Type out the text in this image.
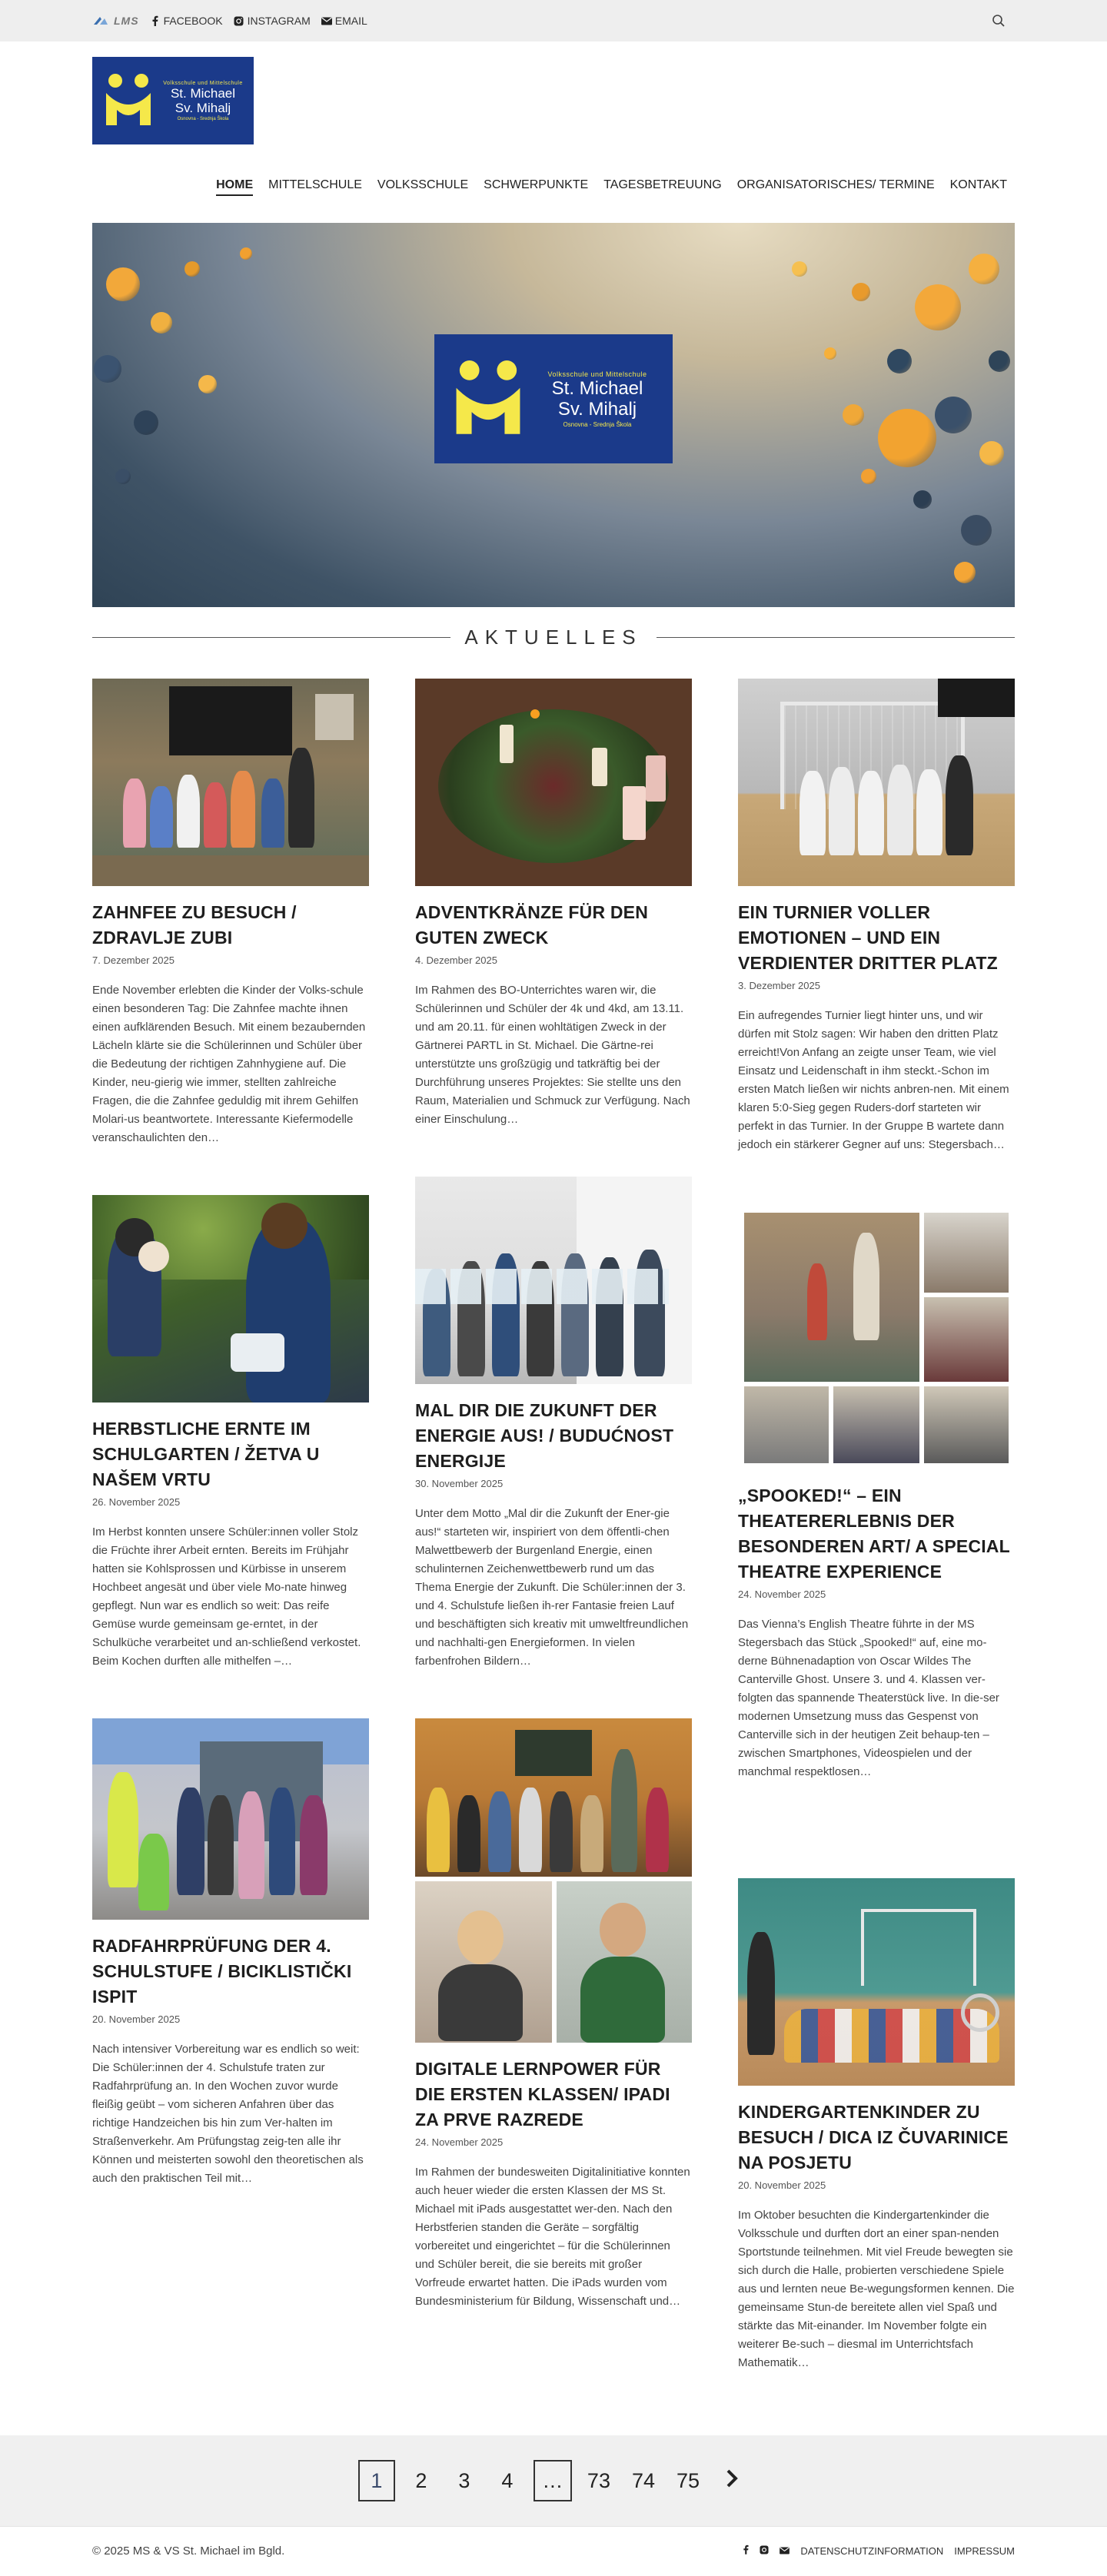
LMS FACEBOOK INSTAGRAM EMAIL
Volksschule und Mittelschule
St. Michael
Sv. Mihalj
Osnovna - Srednja Škola
HOME MITTELSCHULE VOLKSSCHULE SCHWERPUNKTE TAGESBETREUUNG ORGANISATORISCHES/ TERMINE KONTAKT
Volksschule und Mittelschule
St. Michael
Sv. Mihalj
Osnovna - Srednja Škola
AKTUELLES
ZAHNFEE ZU BESUCH / ZDRAVLJE ZUBI
7. Dezember 2025

Ende November erlebten die Kinder der Volks-schule einen besonderen Tag: Die Zahnfee machte ihnen einen aufklärenden Besuch. Mit einem bezaubernden Lächeln klärte sie die Schülerinnen und Schüler über die Bedeutung der richtigen Zahnhygiene auf. Die Kinder, neu-gierig wie immer, stellten zahlreiche Fragen, die die Zahnfee geduldig mit ihrem Gehilfen Molari-us beantwortete. Interessante Kiefermodelle veranschaulichten den…

HERBSTLICHE ERNTE IM SCHULGARTEN / ŽETVA U NAŠEM VRTU
26. November 2025

Im Herbst konnten unsere Schüler:innen voller Stolz die Früchte ihrer Arbeit ernten. Bereits im Frühjahr hatten sie Kohlsprossen und Kürbisse in unserem Hochbeet angesät und über viele Mo-nate hinweg gepflegt. Nun war es endlich so weit: Das reife Gemüse wurde gemeinsam ge-erntet, in der Schulküche verarbeitet und an-schließend verkostet. Beim Kochen durften alle mithelfen –…

RADFAHRPRÜFUNG DER 4. SCHULSTUFE / BICIKLISTIČKI ISPIT
20. November 2025

Nach intensiver Vorbereitung war es endlich so weit: Die Schüler:innen der 4. Schulstufe traten zur Radfahrprüfung an. In den Wochen zuvor wurde fleißig geübt – vom sicheren Anfahren über das richtige Handzeichen bis hin zum Ver-halten im Straßenverkehr. Am Prüfungstag zeig-ten alle ihr Können und meisterten sowohl den theoretischen als auch den praktischen Teil mit…

ADVENTKRÄNZE FÜR DEN GUTEN ZWECK
4. Dezember 2025

Im Rahmen des BO-Unterrichtes waren wir, die Schülerinnen und Schüler der 4k und 4kd, am 13.11. und am 20.11. für einen wohltätigen Zweck in der Gärtnerei PARTL in St. Michael. Die Gärtne-rei unterstützte uns großzügig und tatkräftig bei der Durchführung unseres Projektes: Sie stellte uns den Raum, Materialien und Schmuck zur Verfügung. Nach einer Einschulung…

MAL DIR DIE ZUKUNFT DER ENERGIE AUS! / BUDUĆNOST ENERGIJE
30. November 2025

Unter dem Motto „Mal dir die Zukunft der Ener-gie aus!“ starteten wir, inspiriert von dem öffentli-chen Malwettbewerb der Burgenland Energie, einen schulinternen Zeichenwettbewerb rund um das Thema Energie der Zukunft. Die Schüler:innen der 3. und 4. Schulstufe ließen ih-rer Fantasie freien Lauf und beschäftigten sich kreativ mit umweltfreundlichen und nachhalti-gen Energieformen. In vielen farbenfrohen Bildern…

DIGITALE LERNPOWER FÜR DIE ERSTEN KLASSEN/ IPADI ZA PRVE RAZREDE
24. November 2025

Im Rahmen der bundesweiten Digitalinitiative konnten auch heuer wieder die ersten Klassen der MS St. Michael mit iPads ausgestattet wer-den. Nach den Herbstferien standen die Geräte – sorgfältig vorbereitet und eingerichtet – für die Schülerinnen und Schüler bereit, die sie bereits mit großer Vorfreude erwartet hatten. Die iPads wurden vom Bundesministerium für Bildung, Wissenschaft und…

EIN TURNIER VOLLER EMOTIONEN – UND EIN VERDIENTER DRITTER PLATZ
3. Dezember 2025

Ein aufregendes Turnier liegt hinter uns, und wir dürfen mit Stolz sagen: Wir haben den dritten Platz erreicht!Von Anfang an zeigte unser Team, wie viel Einsatz und Leidenschaft in ihm steckt.-Schon im ersten Match ließen wir nichts anbren-nen. Mit einem klaren 5:0-Sieg gegen Ruders-dorf starteten wir perfekt in das Turnier. In der Gruppe B wartete dann jedoch ein stärkerer Gegner auf uns: Stegersbach…

„SPOOKED!“ – EIN THEATERERLEBNIS DER BESONDEREN ART/ A SPECIAL THEATRE EXPERIENCE
24. November 2025

Das Vienna’s English Theatre führte in der MS Stegersbach das Stück „Spooked!“ auf, eine mo-derne Bühnenadaption von Oscar Wildes The Canterville Ghost. Unsere 3. und 4. Klassen ver-folgten das spannende Theaterstück live. In die-ser modernen Umsetzung muss das Gespenst von Canterville sich in der heutigen Zeit behaup-ten – zwischen Smartphones, Videospielen und der manchmal respektlosen…

KINDERGARTENKINDER ZU BESUCH / DICA IZ ČUVARINICE NA POSJETU
20. November 2025

Im Oktober besuchten die Kindergartenkinder die Volksschule und durften dort an einer span-nenden Sportstunde teilnehmen. Mit viel Freude bewegten sie sich durch die Halle, probierten verschiedene Spiele aus und lernten neue Be-wegungsformen kennen. Die gemeinsame Stun-de bereitete allen viel Spaß und stärkte das Mit-einander. Im November folgte ein weiterer Be-such – diesmal im Unterrichtsfach Mathematik…

1	2	3	4	…	73 74 75
© 2025 MS & VS St. Michael im Bgld.	DATENSCHUTZINFORMATION IMPRESSUM
